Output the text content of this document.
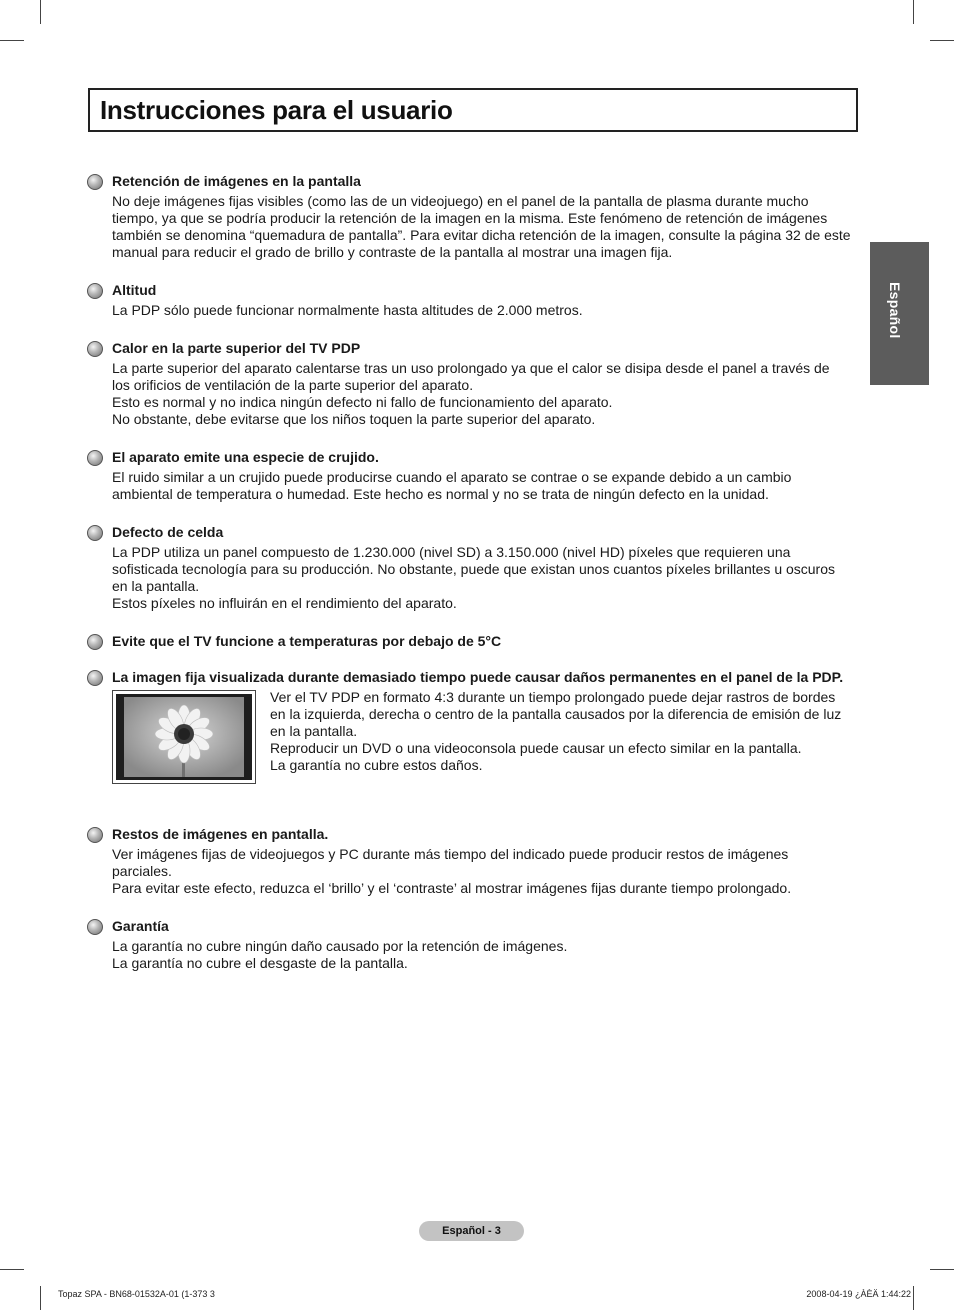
Instrucciones para el usuario
Español
Retención de imágenes en la pantalla

No deje imágenes fijas visibles (como las de un videojuego) en el panel de la pantalla de plasma durante mucho tiempo, ya que se podría producir la retención de la imagen en la misma. Este fenómeno de retención de imágenes también se denomina “quemadura de pantalla”. Para evitar dicha retención de la imagen, consulte la página 32 de este manual para reducir el grado de brillo y contraste de la pantalla al mostrar una imagen fija.

Altitud

La PDP sólo puede funcionar normalmente hasta altitudes de 2.000 metros.

Calor en la parte superior del TV PDP

La parte superior del aparato calentarse tras un uso prolongado ya que el calor se disipa desde el panel a través de los orificios de ventilación de la parte superior del aparato.

Esto es normal y no indica ningún defecto ni fallo de funcionamiento del aparato.

No obstante, debe evitarse que los niños toquen la parte superior del aparato.

El aparato emite una especie de crujido.

El ruido similar a un crujido puede producirse cuando el aparato se contrae o se expande debido a un cambio ambiental de temperatura o humedad. Este hecho es normal y no se trata de ningún defecto en la unidad.

Defecto de celda

La PDP utiliza un panel compuesto de 1.230.000 (nivel SD) a 3.150.000 (nivel HD) píxeles que requieren una sofisticada tecnología para su producción. No obstante, puede que existan unos cuantos píxeles brillantes u oscuros en la pantalla.

Estos píxeles no influirán en el rendimiento del aparato.

Evite que el TV funcione a temperaturas por debajo de 5°C
La imagen fija visualizada durante demasiado tiempo puede causar daños permanentes en el panel de la PDP.

Ver el TV PDP en formato 4:3 durante un tiempo prolongado puede dejar rastros de bordes en la izquierda, derecha o centro de la pantalla causados por la diferencia de emisión de luz en la pantalla.

Reproducir un DVD o una videoconsola puede causar un efecto similar en la pantalla.

La garantía no cubre estos daños.

Restos de imágenes en pantalla.

Ver imágenes fijas de videojuegos y PC durante más tiempo del indicado puede producir restos de imágenes parciales.

Para evitar este efecto, reduzca el ‘brillo’ y el ‘contraste’ al mostrar imágenes fijas durante tiempo prolongado.

Garantía

La garantía no cubre ningún daño causado por la retención de imágenes.

La garantía no cubre el desgaste de la pantalla.

Español - 3
Topaz SPA - BN68-01532A-01 (1-373 3	2008-04-19 ¿ÀÈÄ 1:44:22
